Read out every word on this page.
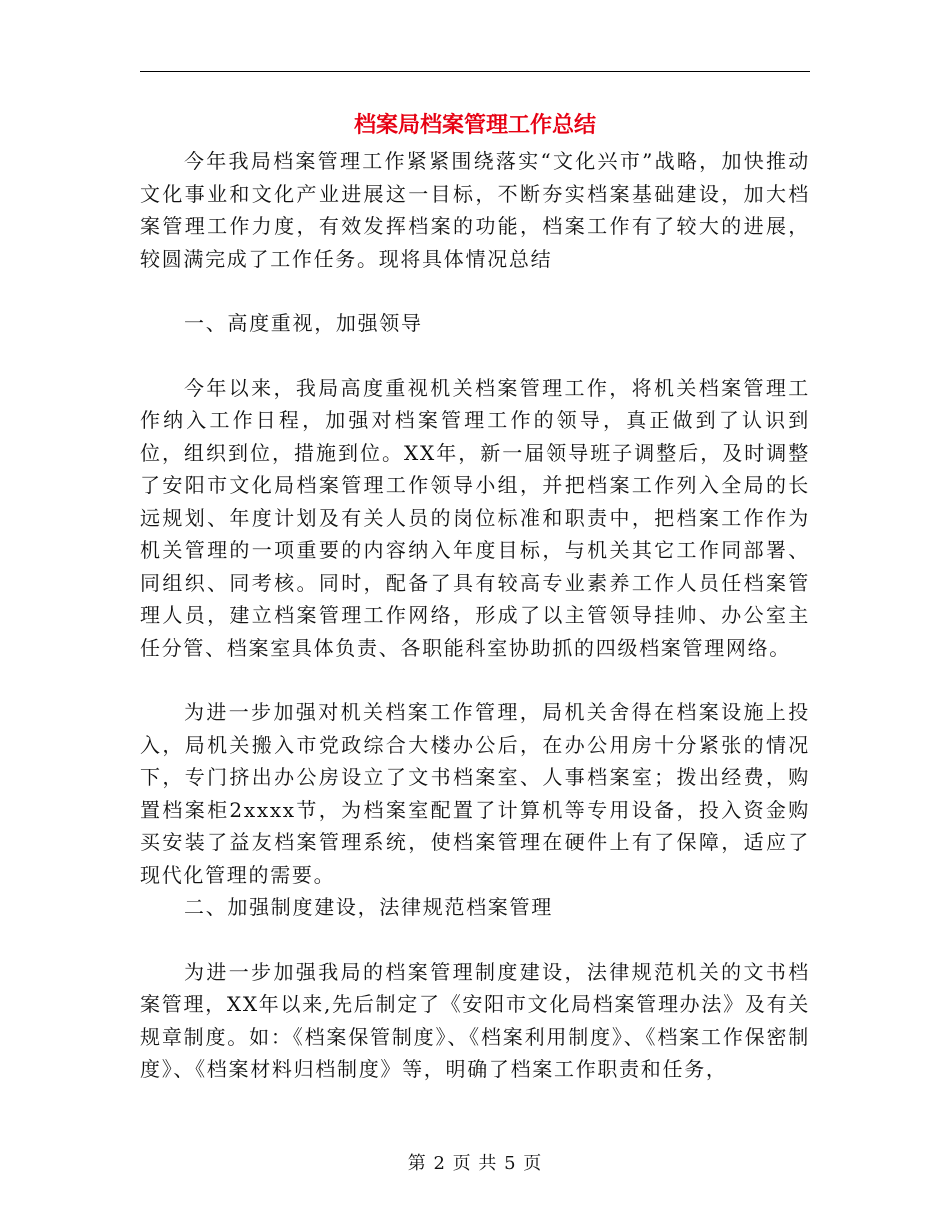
档案局档案管理工作总结

今年我局档案管理工作紧紧围绕落实“文化兴市”战略，加快推动文化事业和文化产业进展这一目标，不断夯实档案基础建设，加大档案管理工作力度，有效发挥档案的功能，档案工作有了较大的进展，较圆满完成了工作任务。现将具体情况总结

一、高度重视，加强领导

今年以来，我局高度重视机关档案管理工作，将机关档案管理工作纳入工作日程，加强对档案管理工作的领导，真正做到了认识到位，组织到位，措施到位。XX年，新一届领导班子调整后，及时调整了安阳市文化局档案管理工作领导小组，并把档案工作列入全局的长远规划、年度计划及有关人员的岗位标准和职责中，把档案工作作为机关管理的一项重要的内容纳入年度目标，与机关其它工作同部署、同组织、同考核。同时，配备了具有较高专业素养工作人员任档案管理人员，建立档案管理工作网络，形成了以主管领导挂帅、办公室主任分管、档案室具体负责、各职能科室协助抓的四级档案管理网络。

为进一步加强对机关档案工作管理，局机关舍得在档案设施上投入，局机关搬入市党政综合大楼办公后，在办公用房十分紧张的情况下，专门挤出办公房设立了文书档案室、人事档案室；拨出经费，购置档案柜2xxxx节，为档案室配置了计算机等专用设备，投入资金购买安装了益友档案管理系统，使档案管理在硬件上有了保障，适应了现代化管理的需要。

二、加强制度建设，法律规范档案管理

为进一步加强我局的档案管理制度建设，法律规范机关的文书档案管理，XX年以来,先后制定了《安阳市文化局档案管理办法》及有关规章制度。如：《档案保管制度》、《档案利用制度》、《档案工作保密制度》、《档案材料归档制度》等，明确了档案工作职责和任务，

第 2 页 共 5 页
